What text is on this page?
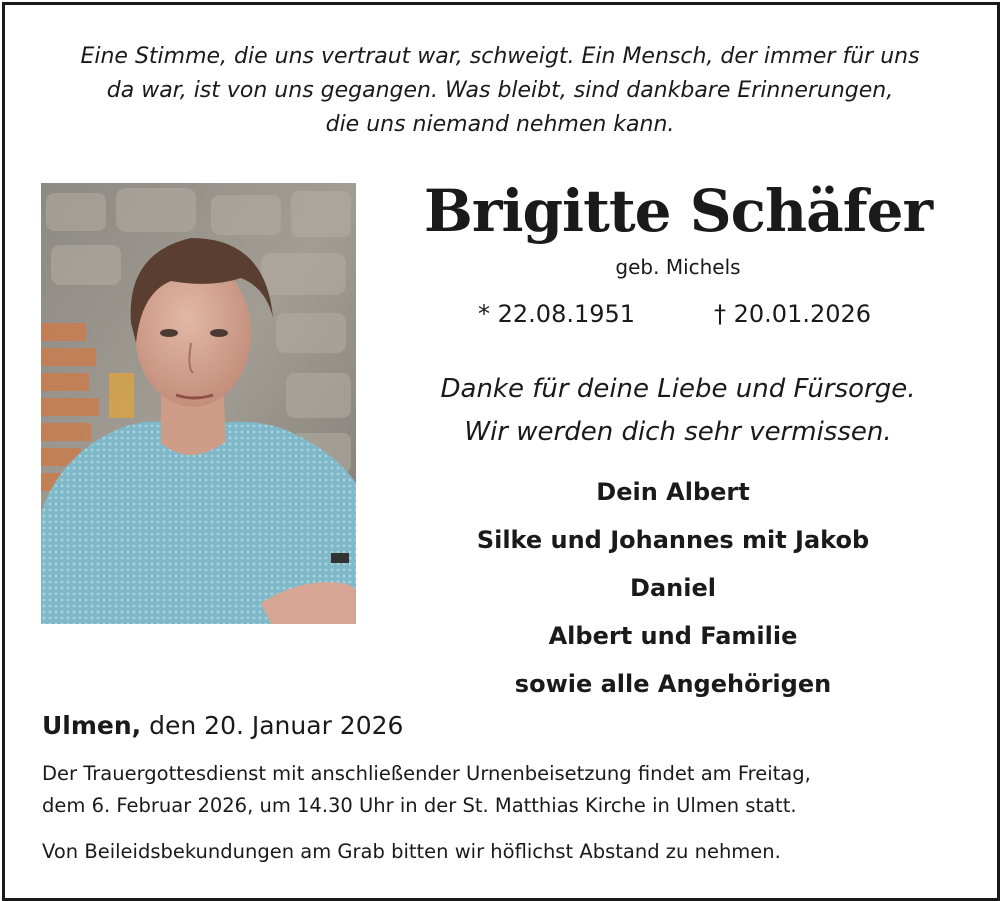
Eine Stimme, die uns vertraut war, schweigt. Ein Mensch, der immer für uns
da war, ist von uns gegangen. Was bleibt, sind dankbare Erinnerungen,
die uns niemand nehmen kann.
Brigitte Schäfer
geb. Michels
* 22.08.1951	† 20.01.2026
Danke für deine Liebe und Fürsorge.
Wir werden dich sehr vermissen.
Dein Albert
Silke und Johannes mit Jakob
Daniel
Albert und Familie
sowie alle Angehörigen
Ulmen, den 20. Januar 2026
Der Trauergottesdienst mit anschließender Urnenbeisetzung findet am Freitag,
dem 6. Februar 2026, um 14.30 Uhr in der St. Matthias Kirche in Ulmen statt.
Von Beileidsbekundungen am Grab bitten wir höflichst Abstand zu nehmen.
